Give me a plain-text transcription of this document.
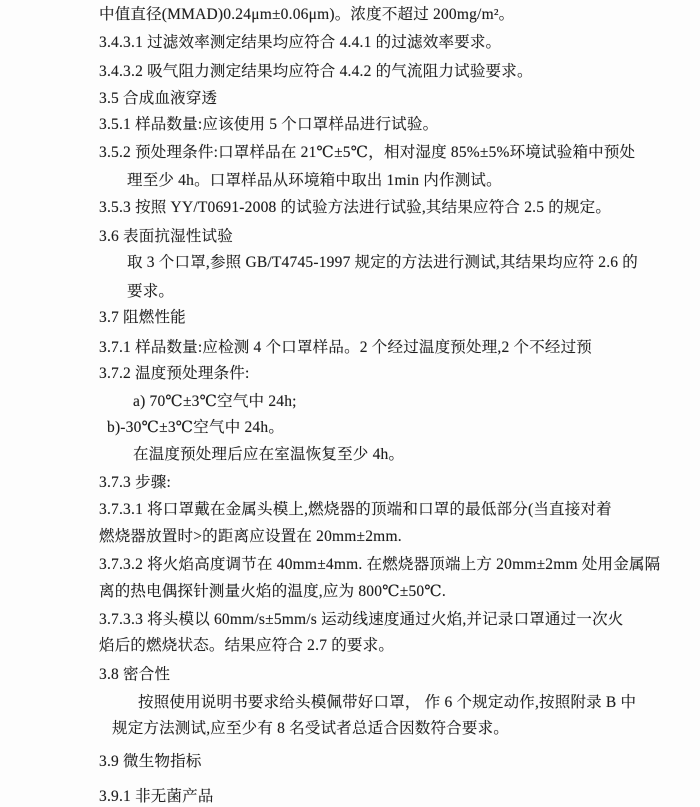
中值直径(MMAD)0.24μm±0.06μm)。浓度不超过 200mg/m²。
3.4.3.1 过滤效率测定结果均应符合 4.4.1 的过滤效率要求。
3.4.3.2 吸气阻力测定结果均应符合 4.4.2 的气流阻力试验要求。
3.5 合成血液穿透
3.5.1 样品数量:应该使用 5 个口罩样品进行试验。
3.5.2 预处理条件:口罩样品在 21℃±5℃，相对湿度 85%±5%环境试验箱中预处
理至少 4h。口罩样品从环境箱中取出 1min 内作测试。
3.5.3 按照 YY/T0691-2008 的试验方法进行试验,其结果应符合 2.5 的规定。
3.6 表面抗湿性试验
取 3 个口罩,参照 GB/T4745-1997 规定的方法进行测试,其结果均应符 2.6 的
要求。
3.7 阻燃性能
3.7.1 样品数量:应检测 4 个口罩样品。2 个经过温度预处理,2 个不经过预
3.7.2 温度预处理条件:
a) 70℃±3℃空气中 24h;
b)-30℃±3℃空气中 24h。
在温度预处理后应在室温恢复至少 4h。
3.7.3 步骤:
3.7.3.1 将口罩戴在金属头模上,燃烧器的顶端和口罩的最低部分(当直接对着
燃烧器放置时>的距离应设置在 20mm±2mm.
3.7.3.2 将火焰高度调节在 40mm±4mm. 在燃烧器顶端上方 20mm±2mm 处用金属隔
离的热电偶探针测量火焰的温度,应为 800℃±50℃.
3.7.3.3 将头模以 60mm/s±5mm/s 运动线速度通过火焰,并记录口罩通过一次火
焰后的燃烧状态。结果应符合 2.7 的要求。
3.8 密合性
按照使用说明书要求给头模佩带好口罩， 作 6 个规定动作,按照附录 B 中
规定方法测试,应至少有 8 名受试者总适合因数符合要求。
3.9 微生物指标
3.9.1 非无菌产品
